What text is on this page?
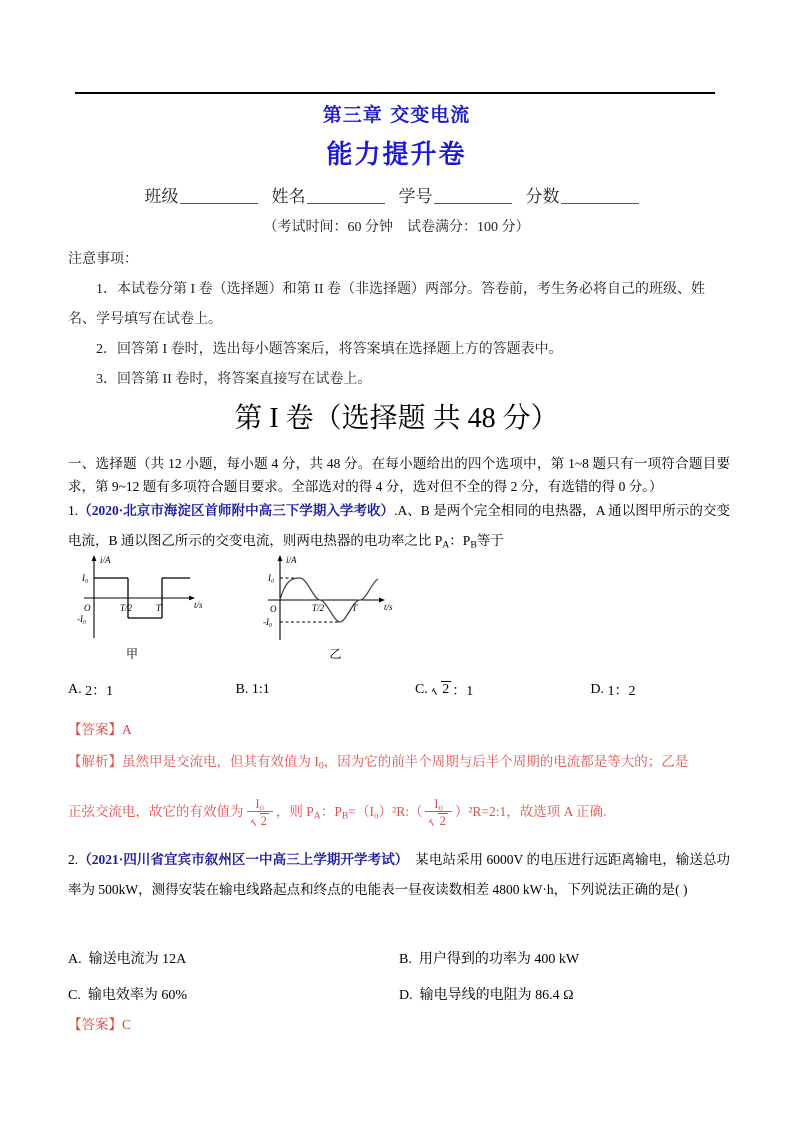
第三章 交变电流
能力提升卷
班级	姓名	学号	分数
（考试时间：60 分钟 试卷满分：100 分）
注意事项：
1．本试卷分第 I 卷（选择题）和第 II 卷（非选择题）两部分。答卷前，考生务必将自己的班级、姓名、学号填写在试卷上。
2．回答第 I 卷时，选出每小题答案后，将答案填在选择题上方的答题表中。
3．回答第 II 卷时，将答案直接写在试卷上。
第 I 卷（选择题 共 48 分）
一、选择题（共 12 小题，每小题 4 分，共 48 分。在每小题给出的四个选项中，第 1~8 题只有一项符合题目要求，第 9~12 题有多项符合题目要求。全部选对的得 4 分，选对但不全的得 2 分，有选错的得 0 分。）
1.（2020·北京市海淀区首师附中高三下学期入学考收）.A、B 是两个完全相同的电热器，A 通以图甲所示的交变电流，B 通以图乙所示的交变电流，则两电热器的电功率之比 $P_A$：$P_B$等于
i/A
t/s
I₀
-I₀
O	T/2	T
甲
i/A
t/s
I₀
-I₀
O	T/2	T
乙
A.
2：1	B.
1:1	C.
	2 ：1	D.
1：2
【答案】A
【解析】虽然甲是交流电，但其有效值为 $I_0$，因为它的前半个周期与后半个周期的电流都是等大的；乙是
正弦交流电，故它的有效值为 $\frac{\text{I₀}}{2}$ ，则 $P_A$：$P_B=(I_0)^2R:( \frac{\text{I₀}}{2}$ ）²R=2:1，故选项 A 正确.
2.（2021·四川省宜宾市叙州区一中高三上学期开学考试） 某电站采用 6000V 的电压进行远距离输电，输送总功率为 500kW，测得安装在输电线路起点和终点的电能表一昼夜读数相差 4800 kW·h，下列说法正确的是( )
A. 输送电流为 12A	B. 用户得到的功率为 400 kW
C. 输电效率为 60%	D. 输电导线的电阻为 86.4 Ω
【答案】C
